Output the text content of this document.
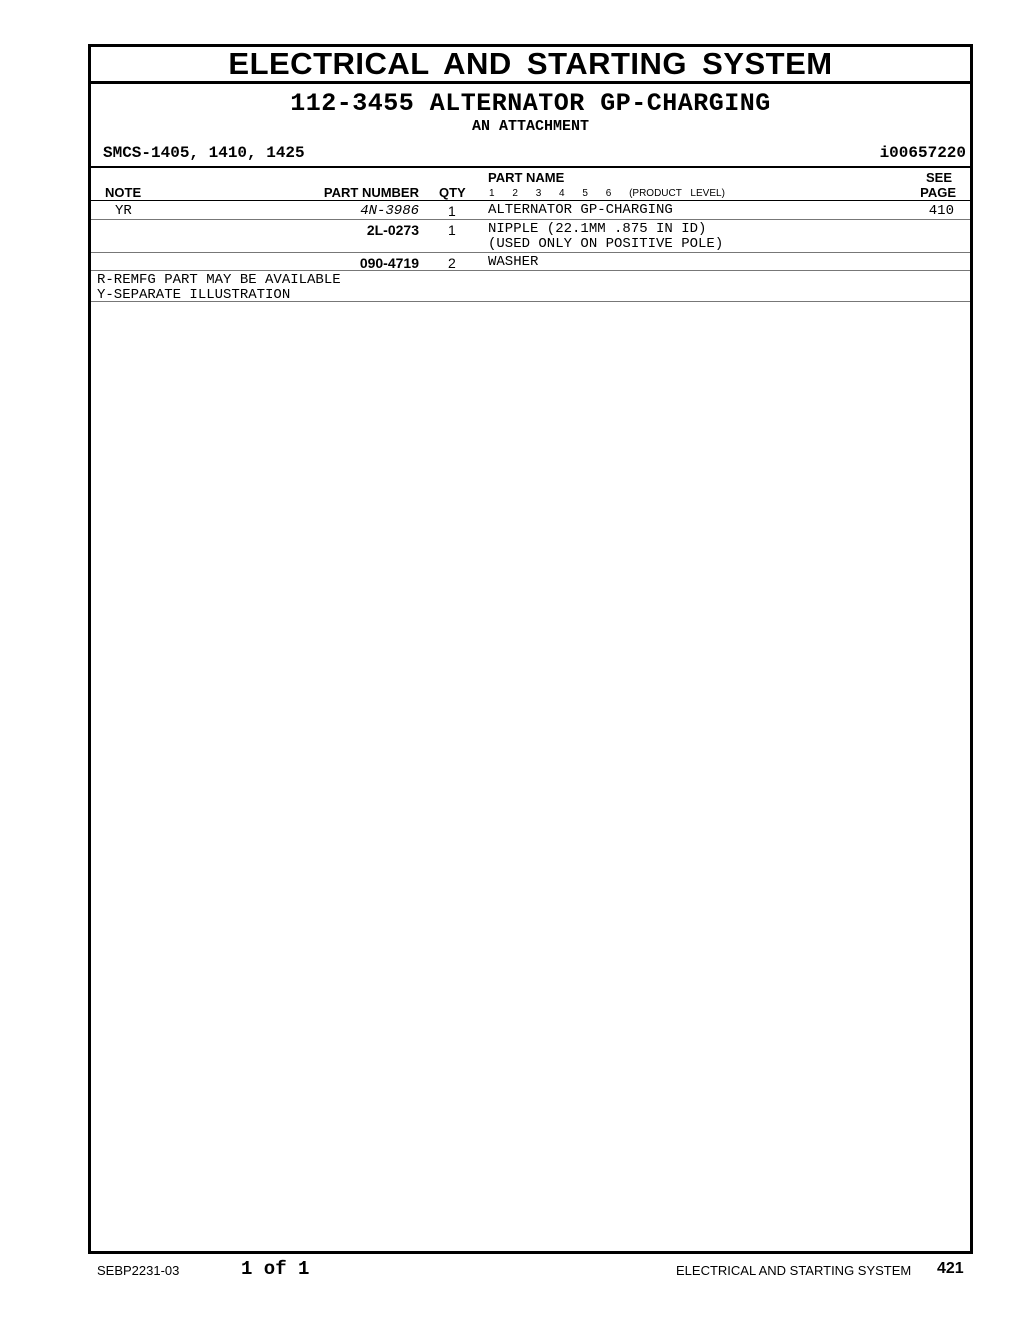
ELECTRICAL AND STARTING SYSTEM
112-3455 ALTERNATOR GP-CHARGING
AN ATTACHMENT
SMCS-1405, 1410, 1425	i00657220
NOTE	PART NUMBER QTY
PART NAME
1 2 3 4 5 6 (PRODUCT LEVEL)
SEE
PAGE
YR	4N-3986 1 ALTERNATOR GP-CHARGING	410
2L-0273 1 NIPPLE (22.1MM .875 IN ID)
(USED ONLY ON POSITIVE POLE)
090-4719 2 WASHER
R-REMFG PART MAY BE AVAILABLE
Y-SEPARATE ILLUSTRATION
SEBP2231-03	1 of 1	ELECTRICAL AND STARTING SYSTEM 421
